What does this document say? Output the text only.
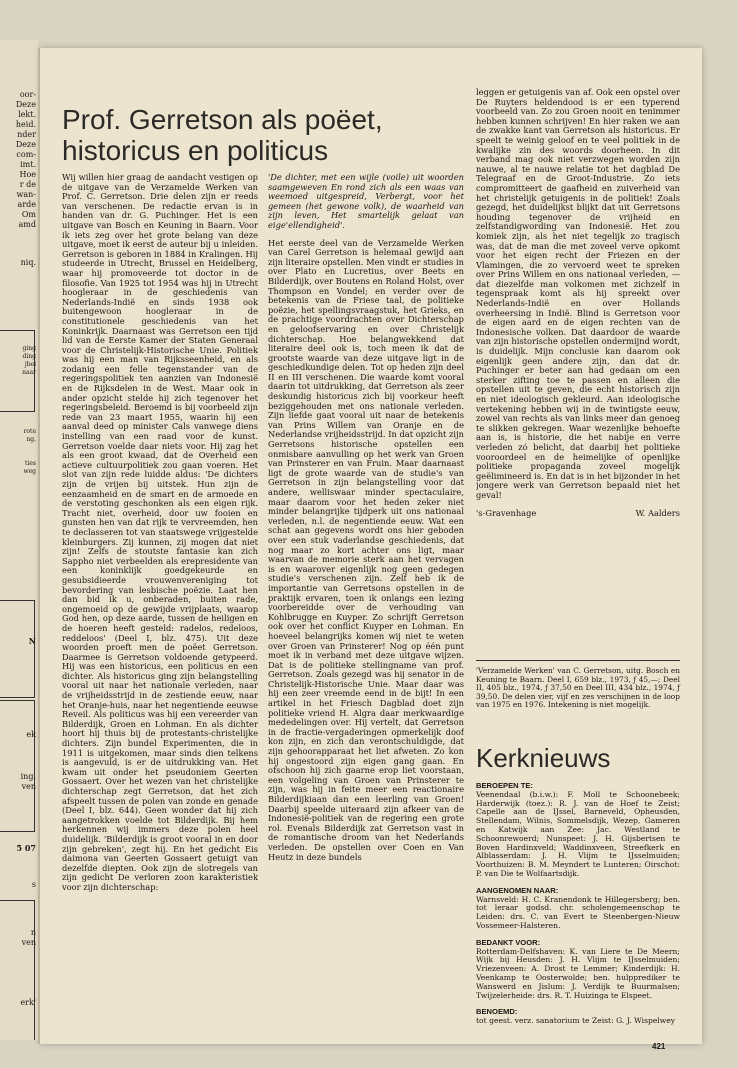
oor-
Deze
lekt.
heid.
nder
Deze
com-
imt.
Hoe
r de
wan-
arde
Om
amd
niq.
ging
ding
jbel
naar
rote
ng.
ties
weg
N
ek
ing.
ven
5 07
s
n
ven
erk'
Prof. Gerretson als poëet, historicus en politicus

Wij willen hier graag de aandacht vestigen op de uitgave van de Verzamelde Werken van Prof. C. Gerretson. Drie delen zijn er reeds van verschenen. De redactie ervan is in handen van dr. G. Puchinger. Het is een uitgave van Bosch en Keuning in Baarn. Voor ik iets zeg over het grote belang van deze uitgave, moet ik eerst de auteur bij u inleiden. Gerretson is geboren in 1884 in Kralingen. Hij studeerde in Utrecht, Brussel en Heidelberg, waar hij promoveerde tot doctor in de filosofie. Van 1925 tot 1954 was hij in Utrecht hoogleraar in de geschiedenis van Nederlands-Indië en sinds 1938 ook buitengewoon hoogleraar in de constitutionele geschiedenis van het Koninkrijk. Daarnaast was Gerretson een tijd lid van de Eerste Kamer der Staten Generaal voor de Christelijk-Historische Unie. Politiek was hij een man van Rijksseenheid, en als zodanig een felle tegenstander van de regeringspolitiek ten aanzien van Indonesië en de Rijksdelen in de West. Maar ook in ander opzicht stelde hij zich tegenover het regeringsbeleid. Beroemd is bij voorbeeld zijn rede van 23 maart 1955, waarin hij een aanval deed op minister Cals vanwege diens instelling van een raad voor de kunst. Gerretson voelde daar niets voor. Hij zag het als een groot kwaad, dat de Overheid een actieve cultuurpolitiek zou gaan voeren. Het slot van zijn rede luidde aldus: 'De dichters zijn de vrijen bij uitstek. Hun zijn de eenzaamheid en de smart en de armoede en de verstoting geschonken als een eigen rijk. Tracht niet, overheid, door uw fooien en gunsten hen van dat rijk te vervreemden, hen te declasseren tot van staatswege vrijgestelde kleinburgers. Zij kunnen, zij mogen dat niet zijn! Zelfs de stoutste fantasie kan zich Sappho niet verbeelden als erepresidente van een koninklijk goedgekeurde en gesubsidieerde vrouwenvereniging tot bevordering van lesbische poëzie. Laat hen dan bid ik u, onberaden, buiten rade, ongemoeid op de gewijde vrijplaats, waarop God hen, op deze aarde, tussen de heiligen en de hoeren heeft gesteld: radelos, redeloos, reddeloos' (Deel I, blz. 475). Uit deze woorden proeft men de poëet Gerretson. Daarmee is Gerretson voldoende getypeerd. Hij was een historicus, een politicus en een dichter. Als historicus ging zijn belangstelling vooral uit naar het nationale verleden, naar de vrijheidsstrijd in de zestiende eeuw, naar het Oranje-huis, naar het negentiende eeuwse Reveil. Als politicus was hij een vereerder van Bilderdijk, Groen en Lohman. En als dichter hoort hij thuis bij de protestants-christelijke dichters. Zijn bundel Experimenten, die in 1911 is uitgekomen, maar sinds dien telkens is aangevuld, is er de uitdrukking van. Het kwam uit onder het pseudoniem Geerten Gossaert. Over het wezen van het christelijke dichterschap zegt Gerretson, dat het zich afspeelt tussen de polen van zonde en genade (Deel I, blz. 644). Geen wonder dat hij zich aangetrokken voelde tot Bilderdijk. Bij hem herkennen wij immers deze polen heel duidelijk. 'Bilderdijk is groot vooral in en door zijn gebreken', zegt hij. En het gedicht Eis daimona van Geerten Gossaert getuigt van dezelfde diepten. Ook zijn de slotregels van zijn gedicht De verloren zoon karakteristiek voor zijn dichterschap:

'De dichter, met een wijle (voile) uit woorden saamgeweven En rond zich als een waas van weemoed uitgespreid, Verbergt, voor het gemeen (het gewone volk), de waarheid van zijn leven, Het smartelijk gelaat van eige'ellendigheid'.

Het eerste deel van de Verzamelde Werken van Carel Gerretson is helemaal gewijd aan zijn literaire opstellen. Men vindt er studies in over Plato en Lucretius, over Beets en Bilderdijk, over Boutens en Roland Holst, over Thompson en Vondel; en verder over de betekenis van de Friese taal, de politieke poëzie, het spellingsvraagstuk, het Grieks, en de prachtige voordrachten over Dichterschap en geloofservaring en over Christelijk dichterschap. Hoe belangwekkend dat literaire deel ook is, toch meen ik dat de grootste waarde van deze uitgave ligt in de geschiedkundige delen. Tot op heden zijn deel II en III verschenen. Die waarde komt vooral daarin tot uitdrukking, dat Gerretson als zeer deskundig historicus zich bij voorkeur heeft beziggehouden met ons nationale verleden. Zijn liefde gaat vooral uit naar de betekenis van Prins Willem van Oranje en de Nederlandse vrijheidsstrijd. In dat opzicht zijn Gerretsons historische opstellen een onmisbare aanvulling op het werk van Groen van Prinsterer en van Fruin. Maar daarnaast ligt de grote waarde van de studie's van Gerretson in zijn belangstelling voor dat andere, welliswaar minder spectaculaire, maar daarom voor het heden zeker niet minder belangrijke tijdperk uit ons nationaal verleden, n.l. de negentiende eeuw. Wat een schat aan gegevens wordt ons hier geboden over een stuk vaderlandse geschiedenis, dat nog maar zo kort achter ons ligt, maar waarvan de memorie sterk aan het vervagen is en waarover eigenlijk nog geen gedegen studie's verschenen zijn. Zelf heb ik de importantie van Gerretsons opstellen in de praktijk ervaren, toen ik onlangs een lezing voorbereidde over de verhouding van Kohlbrugge en Kuyper. Zo schrijft Gerretson ook over het conflict Kuyper en Lohman. En hoeveel belangrijks komen wij niet te weten over Groen van Prinsterer! Nog op één punt moet ik in verband met deze uitgave wijzen. Dat is de politieke stellingname van prof. Gerretson. Zoals gezegd was hij senator in de Christelijk-Historische Unie. Maar daar was hij een zeer vreemde eend in de bijt! In een artikel in het Friesch Dagblad doet zijn politieke vriend H. Algra daar merkwaardige mededelingen over. Hij vertelt, dat Gerretson in de fractie-vergaderingen opmerkelijk doof kon zijn, en zich dan verontschuldigde, dat zijn gehoorapparaat het liet afweten. Zo kon hij ongestoord zijn eigen gang gaan. En ofschoon hij zich gaarne erop liet voorstaan, een volgeling van Groen van Prinsterer te zijn, was hij in feite meer een reactionaire Bilderdijkiaan dan een leerling van Groen! Daarbij speelde uiteraard zijn afkeer van de Indonesië-politiek van de regering een grote rol. Evenals Bilderdijk zat Gerretson vast in de romantische droom van het Nederlands verleden. De opstellen over Coen en Van Heutz in deze bundels

leggen er getuigenis van af. Ook een opstel over De Ruyters heldendood is er een typerend voorbeeld van. Zo zou Groen nooit en tenimmer hebben kunnen schrijven! En hier raken we aan de zwakke kant van Gerretson als historicus. Er speelt te weinig geloof en te veel politiek in de kwalijke zin des woords doorheen. In dit verband mag ook niet verzwegen worden zijn nauwe, al te nauwe relatie tot het dagblad De Telegraaf en de Groot-Industrie. Zo iets compromitteert de gaafheid en zuiverheid van het christelijk getuigenis in de politiek! Zoals gezegd, het duidelijkst blijkt dat uit Gerretsons houding tegenover de vrijheid en zelfstandigwording van Indonesië. Het zou komiek zijn, als het niet tegelijk zo tragisch was, dat de man die met zoveel verve opkomt voor het eigen recht der Friezen en der Vlamingen, die zo vervoerd weet te spreken over Prins Willem en ons nationaal verleden, — dat diezelfde man volkomen met zichzelf in tegenspraak komt als hij spreekt over Nederlands-Indië en over Hollands overheersing in Indië. Blind is Gerretson voor de eigen aard en de eigen rechten van de Indonesische volken. Dat daardoor de waarde van zijn historische opstellen ondermijnd wordt, is duidelijk. Mijn conclusie kan daarom ook eigenlijk geen andere zijn, dan dat dr. Puchinger er beter aan had gedaan om een sterker zifting toe te passen en alleen die opstellen uit te geven, die echt historisch zijn en niet ideologisch gekleurd. Aan ideologische vertekening hebben wij in de twintigste eeuw, zowel van rechts als van links meer dan genoeg te slikken gekregen. Waar wezenlijke behoefte aan is, is historie, die het nabije en verre verleden zó belicht, dat daarbij het politieke vooroordeel en de heimelijke of openlijke politieke propaganda zoveel mogelijk geëlimineerd is. En dat is in het bijzonder in het jongere werk van Gerretson bepaald niet het geval!

's-Gravenhage	W. Aalders
'Verzamelde Werken' van C. Gerretson, uitg. Bosch en Keuning te Baarn. Deel I, 659 blz., 1973, ƒ 45,—; Deel II, 405 blz., 1974, ƒ 37,50 en Deel III, 434 blz., 1974, ƒ 39,50. De delen vier, vijf en zes verschijnen in de loop van 1975 en 1976. Intekening is niet mogelijk.
Kerknieuws
BEROEPEN TE:
Veenendaal (b.i.w.): F. Moll te Schoonebeek; Harderwijk (toez.): R. J. van de Hoef te Zeist; Capelle aan de IJssel, Barneveld, Opheusden, Stellendam, Wilnis, Sommelsdijk, Wezep, Gameren en Katwijk aan Zee: Jac. Westland te Schoonrewoerd; Nunspeet: J. H. Gijsbertsen te Boven Hardinxveld; Waddinxveen, Streefkerk en Alblasserdam: J. H. Vlijm te IJsselmuiden; Voorthuizen: B. M. Meyndert te Lunteren; Oirschot: P. van Die te Wolfaartsdijk.
AANGENOMEN NAAR:
Warnsveld: H. C. Kranendonk te Hillegersberg; ben. tot leraar godsd. chr. scholengemeenschap te Leiden: drs. C. van Evert te Steenbergen-Nieuw Vossemeer-Halsteren.
BEDANKT VOOR:
Rotterdam-Delfshaven: K. van Liere te De Meern; Wijk bij Heusden: J. H. Vlijm te IJsselmuiden; Vriezenveen: A. Drost te Lemmer; Kinderdijk: H. Veenkamp te Oosterwolde; ben. hulpprediker te Wanswerd en Jislum: J. Verdijk te Buurmalsen; Twijzelerheide: drs. R. T. Huizinga te Elspeet.
BENOEMD:
tot geest. verz. sanatorium te Zeist: G. J. Wispelwey
421
